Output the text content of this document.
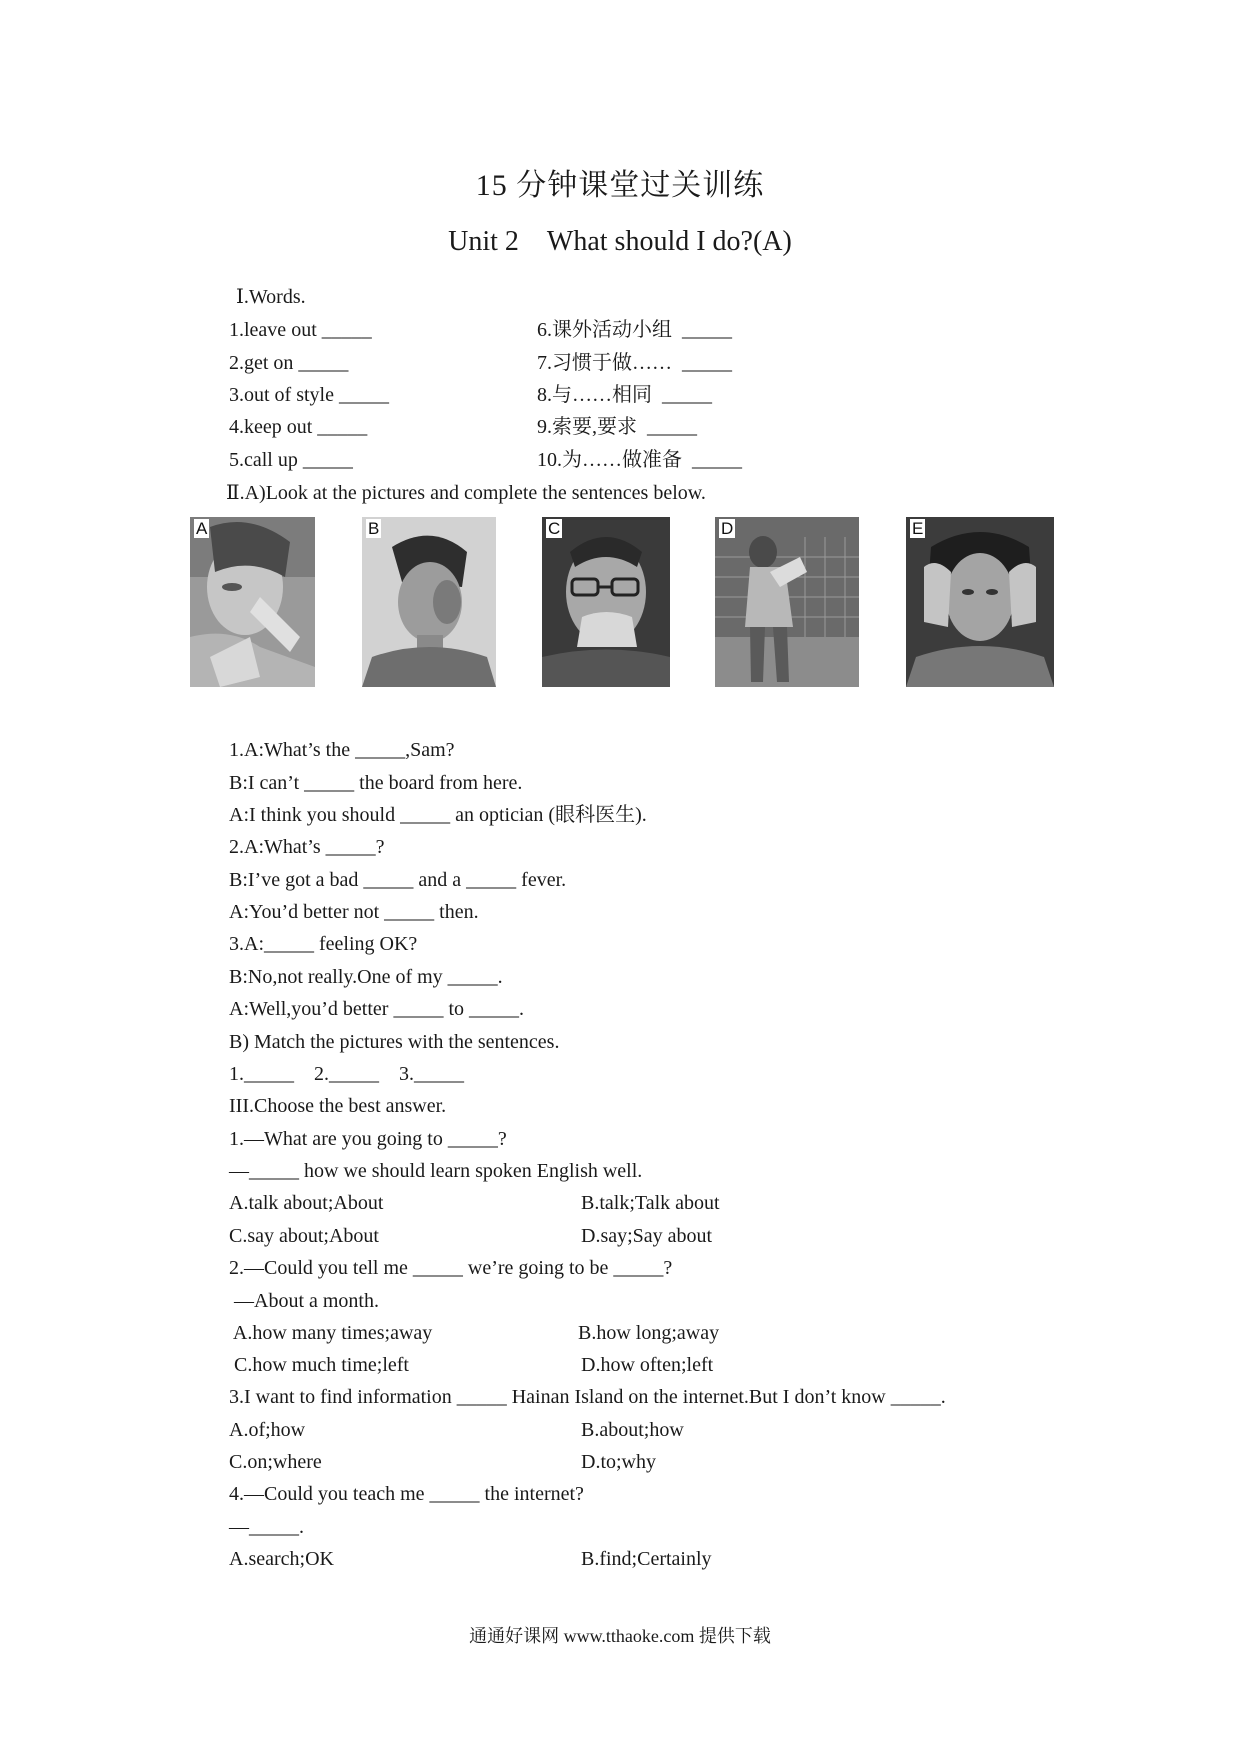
15 分钟课堂过关训练
Unit 2 What should I do?(A)
Ⅰ.Words.
1.leave out _____	6.课外活动小组  _____
2.get on _____	7.习惯于做……  _____
3.out of style _____	8.与……相同  _____
4.keep out _____	9.索要,要求  _____
5.call up _____	10.为……做准备  _____
Ⅱ.A)Look at the pictures and complete the sentences below.
A	B	C	D	E
1.A:What’s the _____,Sam?
B:I can’t _____ the board from here.
A:I think you should _____ an optician (眼科医生).
2.A:What’s _____?
B:I’ve got a bad _____ and a _____ fever.
A:You’d better not _____ then.
3.A:_____ feeling OK?
B:No,not really.One of my _____.
A:Well,you’d better _____ to _____.
B) Match the pictures with the sentences.
1._____    2._____    3._____
III.Choose the best answer.
1.—What are you going to _____?
—_____ how we should learn spoken English well.
A.talk about;About	B.talk;Talk about
C.say about;About	D.say;Say about
2.—Could you tell me _____ we’re going to be _____?
—About a month.
A.how many times;away	B.how long;away
C.how much time;left	D.how often;left
3.I want to find information _____ Hainan Island on the internet.But I don’t know _____.
A.of;how	B.about;how
C.on;where	D.to;why
4.—Could you teach me _____ the internet?
—_____.
A.search;OK	B.find;Certainly
通通好课网 www.tthaoke.com 提供下载
